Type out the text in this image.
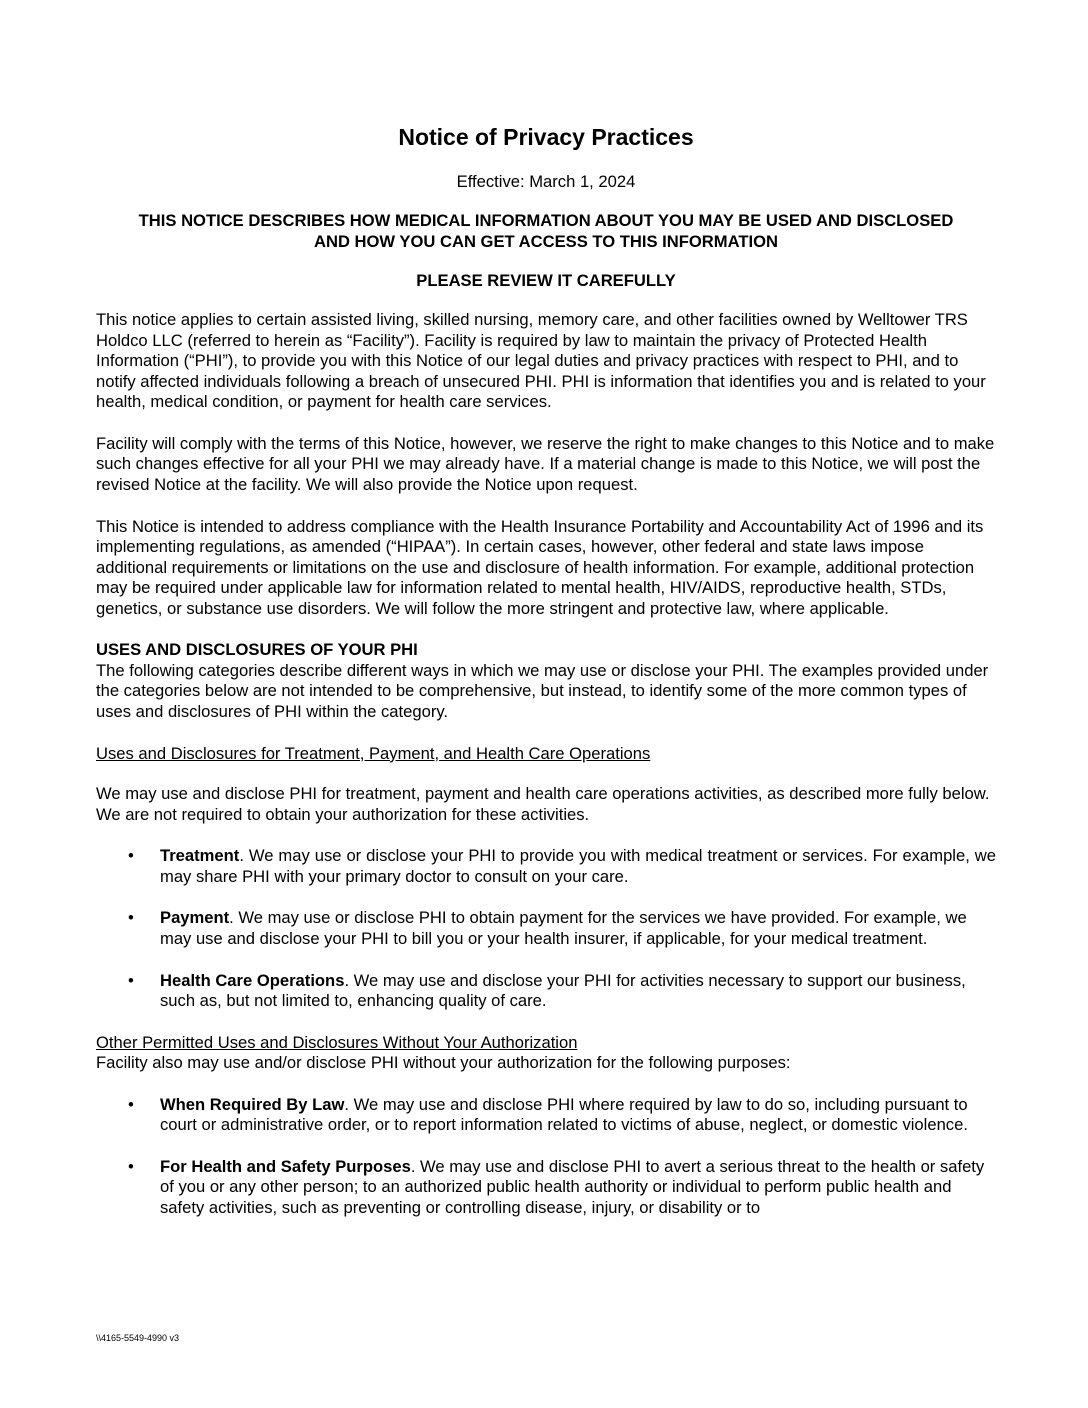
Notice of Privacy Practices
Effective: March 1, 2024
THIS NOTICE DESCRIBES HOW MEDICAL INFORMATION ABOUT YOU MAY BE USED AND DISCLOSED
AND HOW YOU CAN GET ACCESS TO THIS INFORMATION
PLEASE REVIEW IT CAREFULLY

This notice applies to certain assisted living, skilled nursing, memory care, and other facilities owned by Welltower TRS Holdco LLC (referred to herein as “Facility”). Facility is required by law to maintain the privacy of Protected Health Information (“PHI”), to provide you with this Notice of our legal duties and privacy practices with respect to PHI, and to notify affected individuals following a breach of unsecured PHI. PHI is information that identifies you and is related to your health, medical condition, or payment for health care services.

Facility will comply with the terms of this Notice, however, we reserve the right to make changes to this Notice and to make such changes effective for all your PHI we may already have. If a material change is made to this Notice, we will post the revised Notice at the facility. We will also provide the Notice upon request.

This Notice is intended to address compliance with the Health Insurance Portability and Accountability Act of 1996 and its implementing regulations, as amended (“HIPAA”). In certain cases, however, other federal and state laws impose additional requirements or limitations on the use and disclosure of health information. For example, additional protection may be required under applicable law for information related to mental health, HIV/AIDS, reproductive health, STDs, genetics, or substance use disorders. We will follow the more stringent and protective law, where applicable.

USES AND DISCLOSURES OF YOUR PHI

The following categories describe different ways in which we may use or disclose your PHI. The examples provided under the categories below are not intended to be comprehensive, but instead, to identify some of the more common types of uses and disclosures of PHI within the category.

Uses and Disclosures for Treatment, Payment, and Health Care Operations

We may use and disclose PHI for treatment, payment and health care operations activities, as described more fully below. We are not required to obtain your authorization for these activities.

• Treatment. We may use or disclose your PHI to provide you with medical treatment or services. For example, we may share PHI with your primary doctor to consult on your care.
• Payment. We may use or disclose PHI to obtain payment for the services we have provided. For example, we may use and disclose your PHI to bill you or your health insurer, if applicable, for your medical treatment.
• Health Care Operations. We may use and disclose your PHI for activities necessary to support our business, such as, but not limited to, enhancing quality of care.
Other Permitted Uses and Disclosures Without Your Authorization

Facility also may use and/or disclose PHI without your authorization for the following purposes:

• When Required By Law. We may use and disclose PHI where required by law to do so, including pursuant to court or administrative order, or to report information related to victims of abuse, neglect, or domestic violence.
• For Health and Safety Purposes. We may use and disclose PHI to avert a serious threat to the health or safety of you or any other person; to an authorized public health authority or individual to perform public health and safety activities, such as preventing or controlling disease, injury, or disability or to
\\4165-5549-4990 v3
